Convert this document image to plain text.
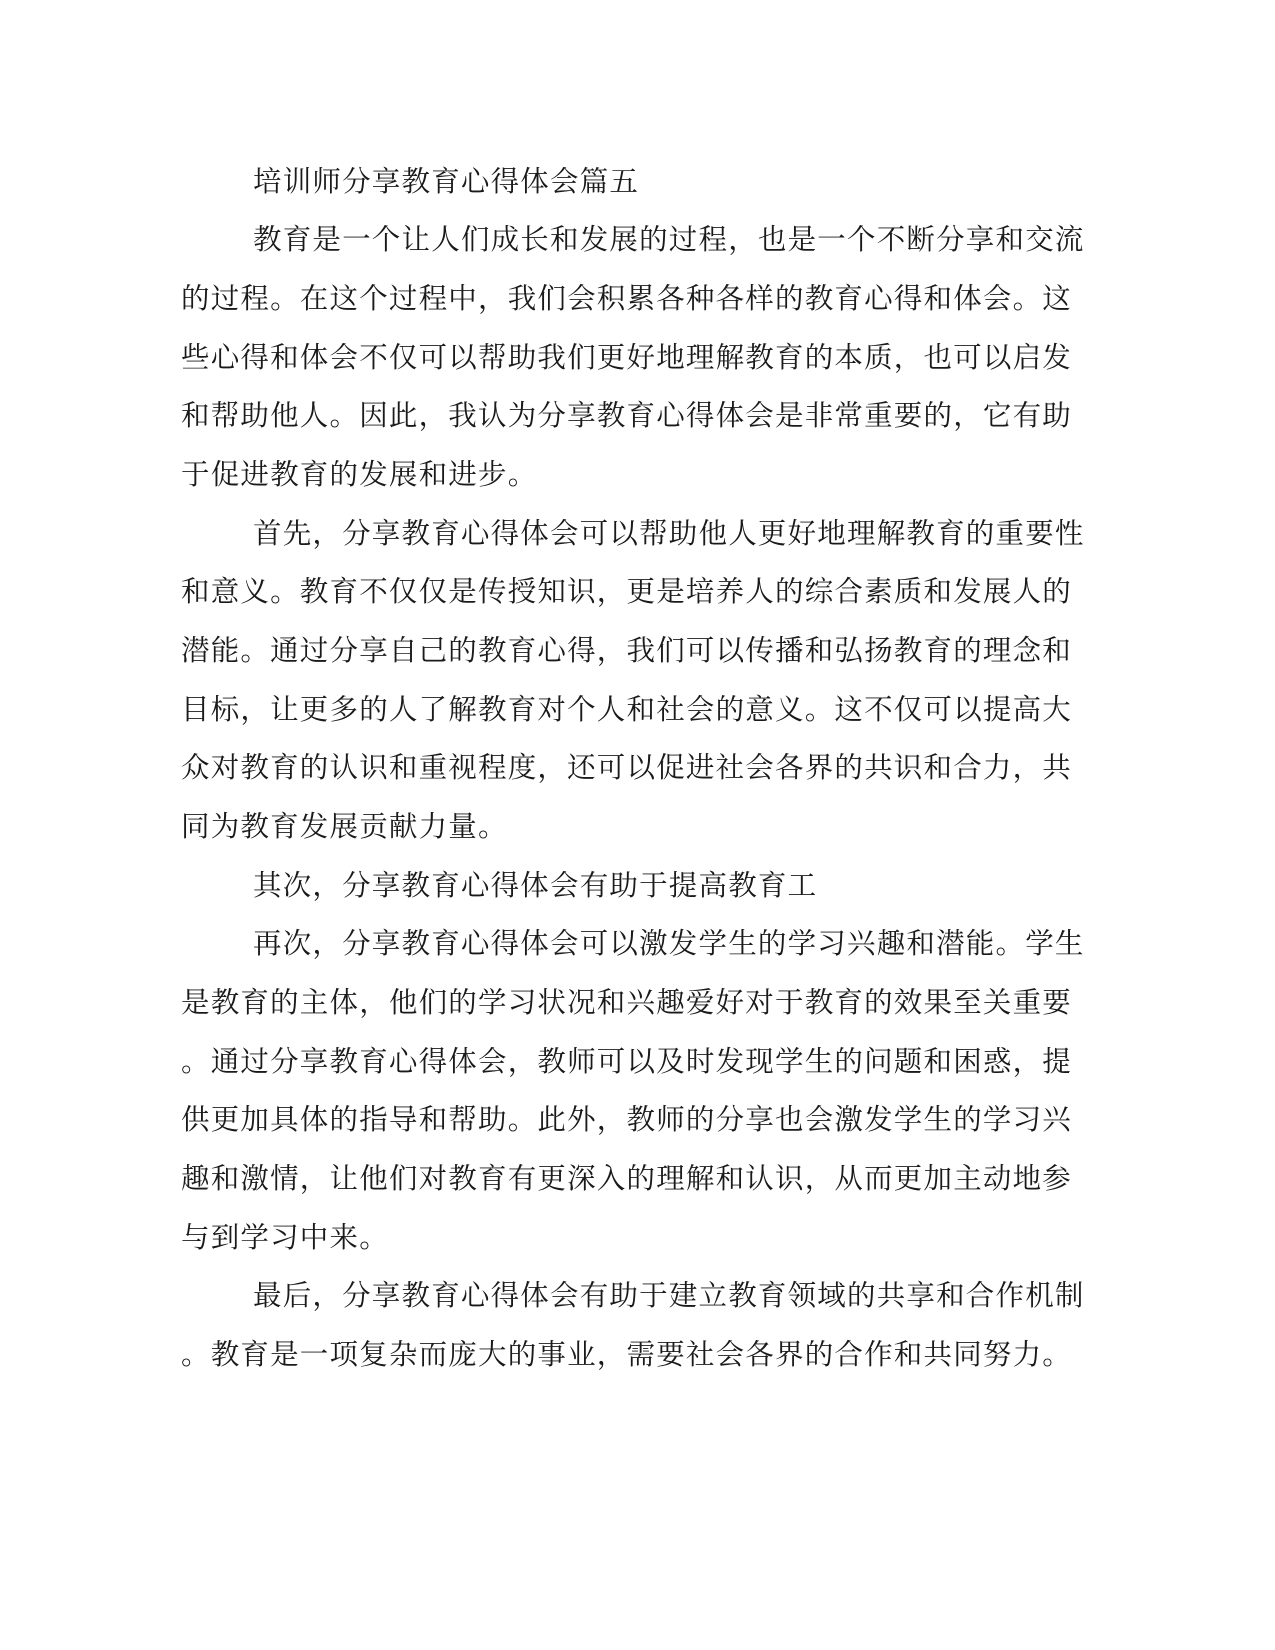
培训师分享教育心得体会篇五
教育是一个让人们成长和发展的过程，也是一个不断分享和交流
的过程。在这个过程中，我们会积累各种各样的教育心得和体会。这
些心得和体会不仅可以帮助我们更好地理解教育的本质，也可以启发
和帮助他人。因此，我认为分享教育心得体会是非常重要的，它有助
于促进教育的发展和进步。
首先，分享教育心得体会可以帮助他人更好地理解教育的重要性
和意义。教育不仅仅是传授知识，更是培养人的综合素质和发展人的
潜能。通过分享自己的教育心得，我们可以传播和弘扬教育的理念和
目标，让更多的人了解教育对个人和社会的意义。这不仅可以提高大
众对教育的认识和重视程度，还可以促进社会各界的共识和合力，共
同为教育发展贡献力量。
其次，分享教育心得体会有助于提高教育工
再次，分享教育心得体会可以激发学生的学习兴趣和潜能。学生
是教育的主体，他们的学习状况和兴趣爱好对于教育的效果至关重要
。通过分享教育心得体会，教师可以及时发现学生的问题和困惑，提
供更加具体的指导和帮助。此外，教师的分享也会激发学生的学习兴
趣和激情，让他们对教育有更深入的理解和认识，从而更加主动地参
与到学习中来。
最后，分享教育心得体会有助于建立教育领域的共享和合作机制
。教育是一项复杂而庞大的事业，需要社会各界的合作和共同努力。
